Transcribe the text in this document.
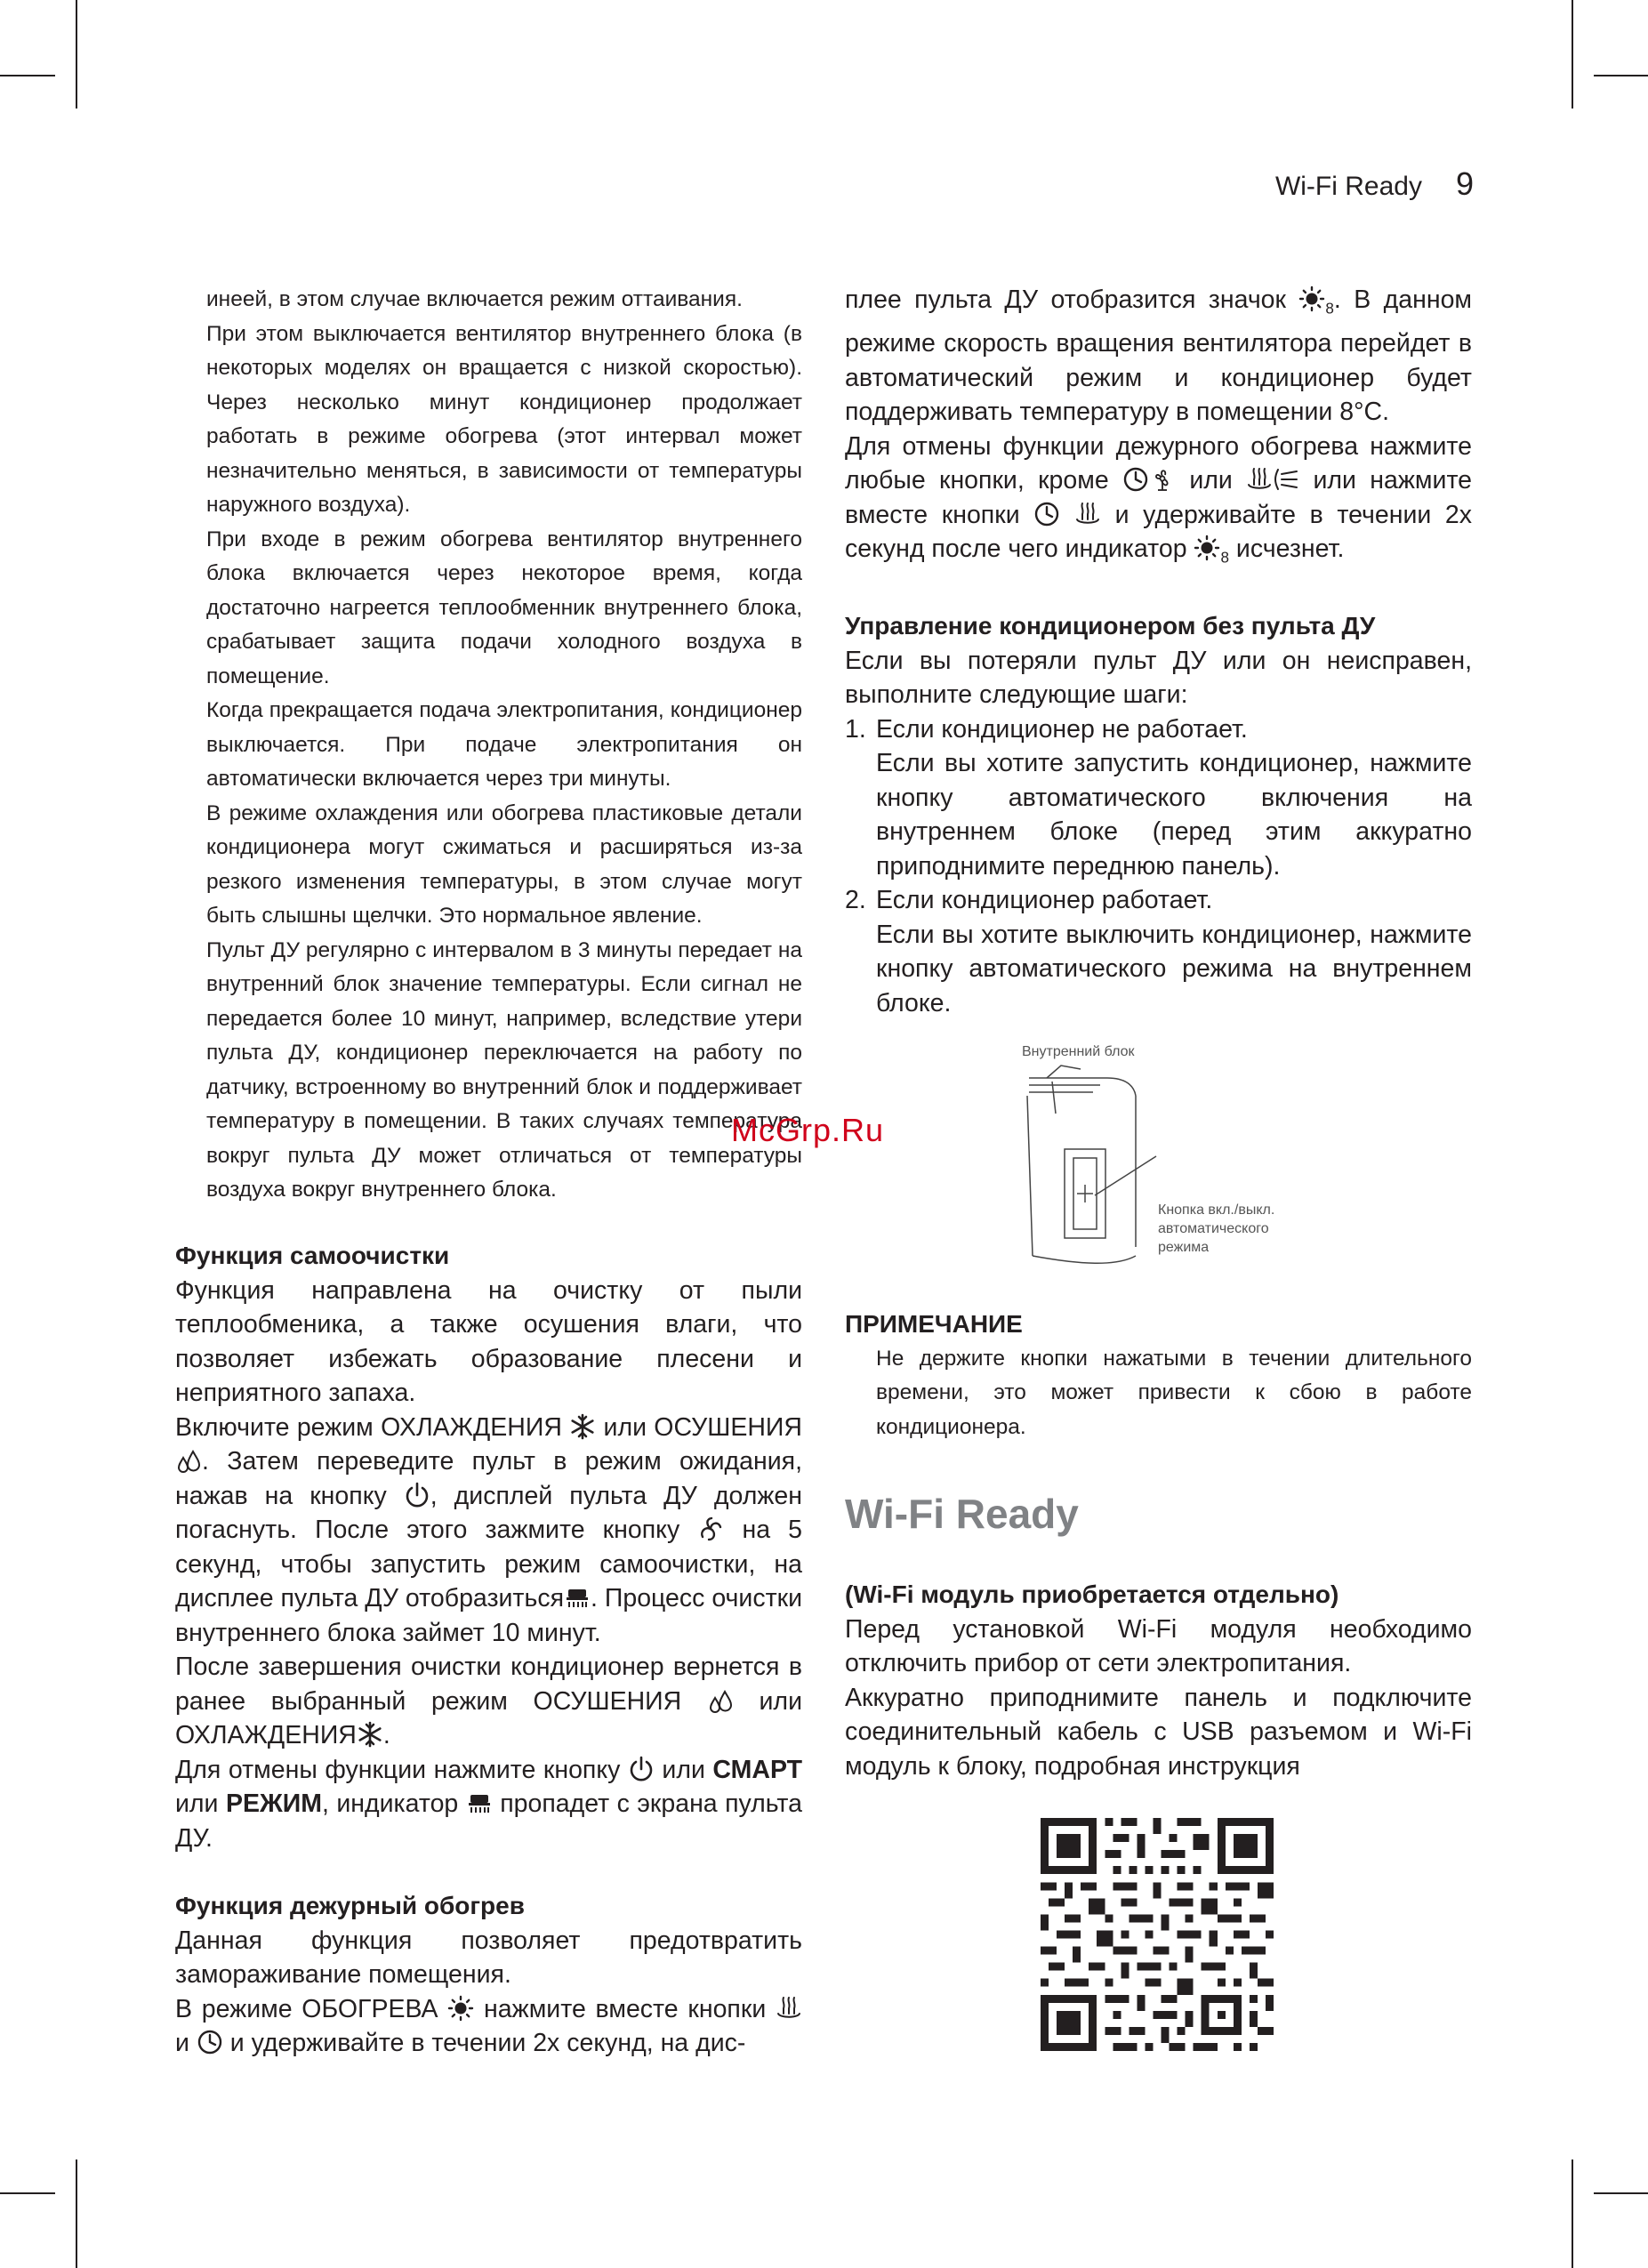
Wi-Fi Ready 9

инеей, в этом случае включается режим оттаивания.

При этом выключается вентилятор внутреннего блока (в некоторых моделях он вращается с низкой скоростью). Через несколько минут кондиционер продолжает работать в режиме обогрева (этот интервал может незначительно меняться, в зависимости от температуры наружного воздуха).

При входе в режим обогрева вентилятор внутреннего блока включается через некоторое время, когда достаточно нагреется теплообменник внутреннего блока, срабатывает защита подачи холодного воздуха в помещение.

Когда прекращается подача электропитания, кондиционер выключается. При подаче электропитания он автоматически включается через три минуты.

В режиме охлаждения или обогрева пластиковые детали кондиционера могут сжиматься и расширяться из-за резкого изменения температуры, в этом случае могут быть слышны щелчки. Это нормальное явление.

Пульт ДУ регулярно с интервалом в 3 минуты передает на внутренний блок значение температуры. Если сигнал не передается более 10 минут, например, вследствие утери пульта ДУ, кондиционер переключается на работу по датчику, встроенному во внутренний блок и поддерживает температуру в помещении. В таких случаях температура вокруг пульта ДУ может отличаться от температуры воздуха вокруг внутреннего блока.

Функция самоочистки

Функция направлена на очистку от пыли теплообменика, а также осушения влаги, что позволяет избежать образование плесени и неприятного запаха.

Включите режим ОХЛАЖДЕНИЯ или ОСУШЕНИЯ
. Затем переведите пульт в режим ожидания, нажав на кнопку , дисплей пульта ДУ должен погаснуть. После этого зажмите кнопку на 5 секунд, чтобы запустить режим самоочистки, на дисплее пульта ДУ отобразиться . Процесс очистки внутреннего блока займет 10 минут.

После завершения очистки кондиционер вернется в ранее выбранный режим ОСУШЕНИЯ	или ОХЛАЖДЕНИЯ .

Для отмены функции нажмите кнопку или СМАРТ или РЕЖИМ, индикатор пропадет с экрана пульта ДУ.

Функция дежурный обогрев

Данная функция позволяет предотвратить замораживание помещения.

В режиме ОБОГРЕВА нажмите вместе кнопки
и и удерживайте в течении 2х секунд, на дис-

плее пульта ДУ отобразится значок	$_8$. В данном режиме скорость вращения вентилятора перейдет в автоматический режим и кондиционер будет поддерживать температуру в помещении 8°С.

Для отмены функции дежурного обогрева нажмите любые кнопки, кроме	или	или нажмите вместе кнопки
	и удерживайте в течении 2х секунд после чего индикатор $_8$ исчезнет.

Управление кондиционером без пульта ДУ

Если вы потеряли пульт ДУ или он неисправен, выполните следующие шаги:

1. Если кондиционер не работает.
Если вы хотите запустить кондиционер, нажмите кнопку автоматического включения на внутреннем блоке (перед этим аккуратно приподнимите переднюю панель).
2. Если кондиционер работает.
Если вы хотите выключить кондиционер, нажмите кнопку автоматического режима на внутреннем блоке.
Внутренний блок
Кнопка вкл./выкл.
автоматического
режима
ПРИМЕЧАНИЕ

Не держите кнопки нажатыми в течении длительного времени, это может привести к сбою в работе кондиционера.

Wi-Fi Ready

(Wi-Fi модуль приобретается отдельно)

Перед установкой Wi-Fi модуля необходимо отключить прибор от сети электропитания.

Аккуратно приподнимите панель и подключите соединительный кабель с USB разъемом и Wi-Fi модуль к блоку, подробная инструкция

McGrp.Ru
